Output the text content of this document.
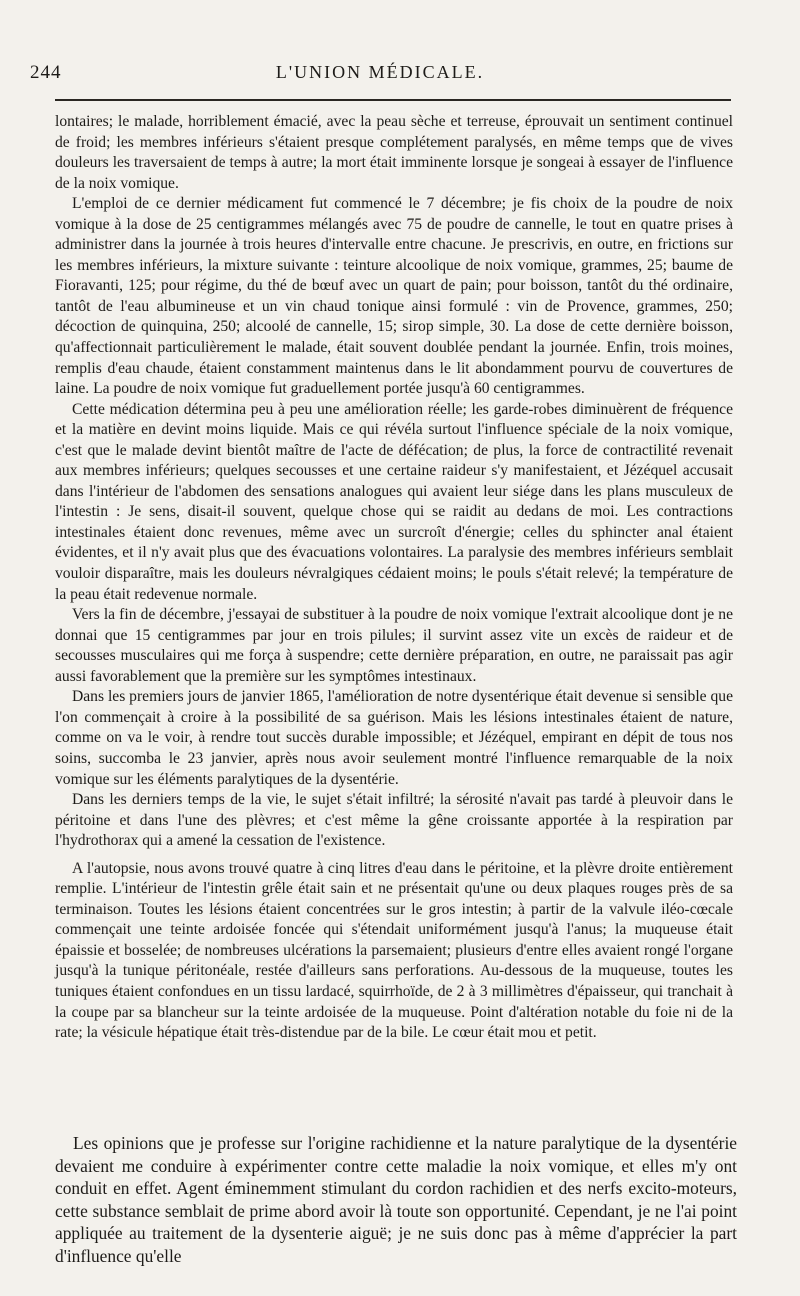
244	L'UNION MÉDICALE.

lontaires; le malade, horriblement émacié, avec la peau sèche et terreuse, éprouvait un sentiment continuel de froid; les membres inférieurs s'étaient presque complétement paralysés, en même temps que de vives douleurs les traversaient de temps à autre; la mort était imminente lorsque je songeai à essayer de l'influence de la noix vomique.

L'emploi de ce dernier médicament fut commencé le 7 décembre; je fis choix de la poudre de noix vomique à la dose de 25 centigrammes mélangés avec 75 de poudre de cannelle, le tout en quatre prises à administrer dans la journée à trois heures d'intervalle entre chacune. Je prescrivis, en outre, en frictions sur les membres inférieurs, la mixture suivante : teinture alcoolique de noix vomique, grammes, 25; baume de Fioravanti, 125; pour régime, du thé de bœuf avec un quart de pain; pour boisson, tantôt du thé ordinaire, tantôt de l'eau albumineuse et un vin chaud tonique ainsi formulé : vin de Provence, grammes, 250; décoction de quinquina, 250; alcoolé de cannelle, 15; sirop simple, 30. La dose de cette dernière boisson, qu'affectionnait particulièrement le malade, était souvent doublée pendant la journée. Enfin, trois moines, remplis d'eau chaude, étaient constamment maintenus dans le lit abondamment pourvu de couvertures de laine. La poudre de noix vomique fut graduellement portée jusqu'à 60 centigrammes.

Cette médication détermina peu à peu une amélioration réelle; les garde-robes diminuèrent de fréquence et la matière en devint moins liquide. Mais ce qui révéla surtout l'influence spéciale de la noix vomique, c'est que le malade devint bientôt maître de l'acte de défécation; de plus, la force de contractilité revenait aux membres inférieurs; quelques secousses et une certaine raideur s'y manifestaient, et Jézéquel accusait dans l'intérieur de l'abdomen des sensations analogues qui avaient leur siége dans les plans musculeux de l'intestin : Je sens, disait-il souvent, quelque chose qui se raidit au dedans de moi. Les contractions intestinales étaient donc revenues, même avec un surcroît d'énergie; celles du sphincter anal étaient évidentes, et il n'y avait plus que des évacuations volontaires. La paralysie des membres inférieurs semblait vouloir disparaître, mais les douleurs névralgiques cédaient moins; le pouls s'était relevé; la température de la peau était redevenue normale.

Vers la fin de décembre, j'essayai de substituer à la poudre de noix vomique l'extrait alcoolique dont je ne donnai que 15 centigrammes par jour en trois pilules; il survint assez vite un excès de raideur et de secousses musculaires qui me força à suspendre; cette dernière préparation, en outre, ne paraissait pas agir aussi favorablement que la première sur les symptômes intestinaux.

Dans les premiers jours de janvier 1865, l'amélioration de notre dysentérique était devenue si sensible que l'on commençait à croire à la possibilité de sa guérison. Mais les lésions intestinales étaient de nature, comme on va le voir, à rendre tout succès durable impossible; et Jézéquel, empirant en dépit de tous nos soins, succomba le 23 janvier, après nous avoir seulement montré l'influence remarquable de la noix vomique sur les éléments paralytiques de la dysentérie.

Dans les derniers temps de la vie, le sujet s'était infiltré; la sérosité n'avait pas tardé à pleuvoir dans le péritoine et dans l'une des plèvres; et c'est même la gêne croissante apportée à la respiration par l'hydrothorax qui a amené la cessation de l'existence.

A l'autopsie, nous avons trouvé quatre à cinq litres d'eau dans le péritoine, et la plèvre droite entièrement remplie. L'intérieur de l'intestin grêle était sain et ne présentait qu'une ou deux plaques rouges près de sa terminaison. Toutes les lésions étaient concentrées sur le gros intestin; à partir de la valvule iléo-cœcale commençait une teinte ardoisée foncée qui s'étendait uniformément jusqu'à l'anus; la muqueuse était épaissie et bosselée; de nombreuses ulcérations la parsemaient; plusieurs d'entre elles avaient rongé l'organe jusqu'à la tunique péritonéale, restée d'ailleurs sans perforations. Au-dessous de la muqueuse, toutes les tuniques étaient confondues en un tissu lardacé, squirrhoïde, de 2 à 3 millimètres d'épaisseur, qui tranchait à la coupe par sa blancheur sur la teinte ardoisée de la muqueuse. Point d'altération notable du foie ni de la rate; la vésicule hépatique était très-distendue par de la bile. Le cœur était mou et petit.

Les opinions que je professe sur l'origine rachidienne et la nature paralytique de la dysentérie devaient me conduire à expérimenter contre cette maladie la noix vomique, et elles m'y ont conduit en effet. Agent éminemment stimulant du cordon rachidien et des nerfs excito-moteurs, cette substance semblait de prime abord avoir là toute son opportunité. Cependant, je ne l'ai point appliquée au traitement de la dysenterie aiguë; je ne suis donc pas à même d'apprécier la part d'influence qu'elle
